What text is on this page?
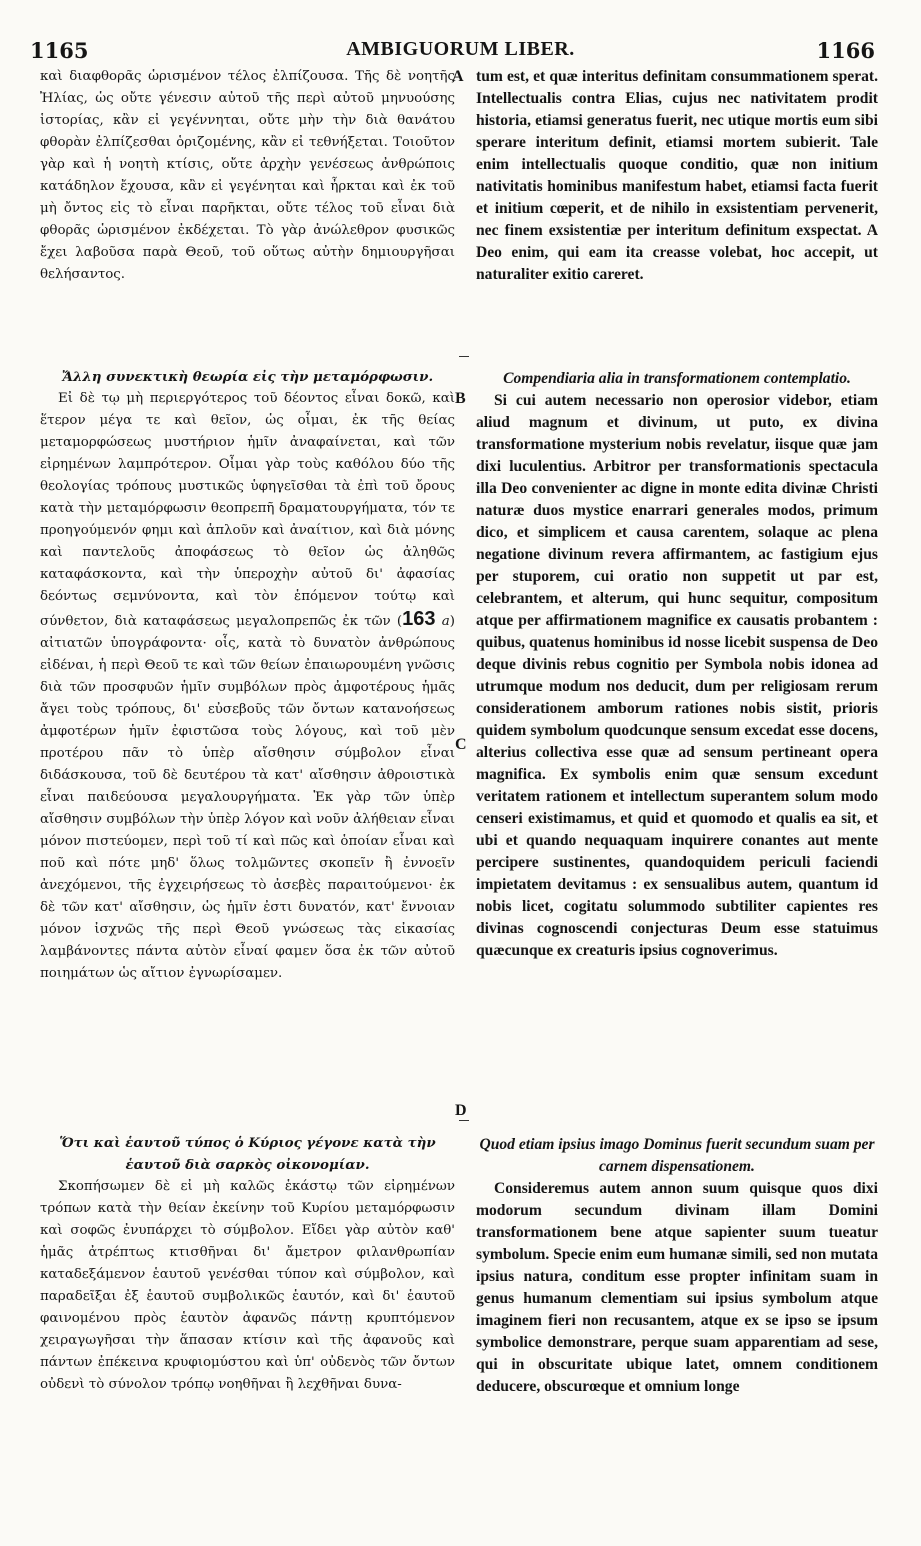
1165	AMBIGUORUM LIBER.	1166

καὶ διαφθορᾶς ὡρισμένον τέλος ἐλπίζουσα. Τῆς δὲ νοητῆς Ἠλίας, ὡς οὔτε γένεσιν αὐτοῦ τῆς περὶ αὐτοῦ μηνυούσης ἱστορίας, κἂν εἰ γεγέννηται, οὔτε μὴν τὴν διὰ θανάτου φθορὰν ἐλπίζεσθαι ὁριζομένης, κἂν εἰ τεθνήξεται. Τοιοῦτον γὰρ καὶ ἡ νοητὴ κτίσις, οὔτε ἀρχὴν γενέσεως ἀνθρώποις κατάδηλον ἔχουσα, κἂν εἰ γεγένηται καὶ ἦρκται καὶ ἐκ τοῦ μὴ ὄντος εἰς τὸ εἶναι παρῆκται, οὔτε τέλος τοῦ εἶναι διὰ φθορᾶς ὡρισμένον ἐκδέχεται. Τὸ γὰρ ἀνώλεθρον φυσικῶς ἔχει λαβοῦσα παρὰ Θεοῦ, τοῦ οὕτως αὐτὴν δημιουργῆσαι θελήσαντος.

Ἄλλη συνεκτικὴ θεωρία εἰς τὴν μεταμόρφωσιν.

Εἰ δὲ τῳ μὴ περιεργότερος τοῦ δέοντος εἶναι δοκῶ, καὶ ἕτερον μέγα τε καὶ θεῖον, ὡς οἶμαι, ἐκ τῆς θείας μεταμορφώσεως μυστήριον ἡμῖν ἀναφαίνεται, καὶ τῶν εἰρημένων λαμπρότερον. Οἶμαι γὰρ τοὺς καθόλου δύο τῆς θεολογίας τρόπους μυστικῶς ὑφηγεῖσθαι τὰ ἐπὶ τοῦ ὄρους κατὰ τὴν μεταμόρφωσιν θεοπρεπῆ δραματουργήματα, τόν τε προηγούμενόν φημι καὶ ἁπλοῦν καὶ ἀναίτιον, καὶ διὰ μόνης καὶ παντελοῦς ἀποφάσεως τὸ θεῖον ὡς ἀληθῶς καταφάσκοντα, καὶ τὴν ὑπεροχὴν αὐτοῦ δι' ἀφασίας δεόντως σεμνύνοντα, καὶ τὸν ἑπόμενον τούτῳ καὶ σύνθετον, διὰ καταφάσεως μεγαλοπρεπῶς ἐκ τῶν (163 a) αἰτιατῶν ὑπογράφοντα· οἷς, κατὰ τὸ δυνατὸν ἀνθρώπους εἰδέναι, ἡ περὶ Θεοῦ τε καὶ τῶν θείων ἐπαιωρουμένη γνῶσις διὰ τῶν προσφυῶν ἡμῖν συμβόλων πρὸς ἀμφοτέρους ἡμᾶς ἄγει τοὺς τρόπους, δι' εὐσεβοῦς τῶν ὄντων κατανοήσεως ἀμφοτέρων ἡμῖν ἐφιστῶσα τοὺς λόγους, καὶ τοῦ μὲν προτέρου πᾶν τὸ ὑπὲρ αἴσθησιν σύμβολον εἶναι διδάσκουσα, τοῦ δὲ δευτέρου τὰ κατ' αἴσθησιν ἀθροιστικὰ εἶναι παιδεύουσα μεγαλουργήματα. Ἐκ γὰρ τῶν ὑπὲρ αἴσθησιν συμβόλων τὴν ὑπὲρ λόγον καὶ νοῦν ἀλήθειαν εἶναι μόνον πιστεύομεν, περὶ τοῦ τί καὶ πῶς καὶ ὁποίαν εἶναι καὶ ποῦ καὶ πότε μηδ' ὅλως τολμῶντες σκοπεῖν ἢ ἐννοεῖν ἀνεχόμενοι, τῆς ἐγχειρήσεως τὸ ἀσεβὲς παραιτούμενοι· ἐκ δὲ τῶν κατ' αἴσθησιν, ὡς ἡμῖν ἐστι δυνατόν, κατ' ἔννοιαν μόνον ἰσχνῶς τῆς περὶ Θεοῦ γνώσεως τὰς εἰκασίας λαμβάνοντες πάντα αὐτὸν εἶναί φαμεν ὅσα ἐκ τῶν αὐτοῦ ποιημάτων ὡς αἴτιον ἐγνωρίσαμεν.

Ὅτι καὶ ἑαυτοῦ τύπος ὁ Κύριος γέγονε κατὰ τὴν ἑαυτοῦ διὰ σαρκὸς οἰκονομίαν.

Σκοπήσωμεν δὲ εἰ μὴ καλῶς ἑκάστῳ τῶν εἰρημένων τρόπων κατὰ τὴν θείαν ἐκείνην τοῦ Κυρίου μεταμόρφωσιν καὶ σοφῶς ἐνυπάρχει τὸ σύμβολον. Εἴδει γὰρ αὐτὸν καθ' ἡμᾶς ἀτρέπτως κτισθῆναι δι' ἄμετρον φιλανθρωπίαν καταδεξάμενον ἑαυτοῦ γενέσθαι τύπον καὶ σύμβολον, καὶ παραδεῖξαι ἐξ ἑαυτοῦ συμβολικῶς ἑαυτόν, καὶ δι' ἑαυτοῦ φαινομένου πρὸς ἑαυτὸν ἀφανῶς πάντῃ κρυπτόμενον χειραγωγῆσαι τὴν ἅπασαν κτίσιν καὶ τῆς ἀφανοῦς καὶ πάντων ἐπέκεινα κρυφιομύστου καὶ ὑπ' οὐδενὸς τῶν ὄντων οὐδενὶ τὸ σύνολον τρόπῳ νοηθῆναι ἢ λεχθῆναι δυνα-

tum est, et quæ interitus definitam consummationem sperat. Intellectualis contra Elias, cujus nec nativitatem prodit historia, etiamsi generatus fuerit, nec utique mortis eum sibi sperare interitum definit, etiamsi mortem subierit. Tale enim intellectualis quoque conditio, quæ non initium nativitatis hominibus manifestum habet, etiamsi facta fuerit et initium cœperit, et de nihilo in exsistentiam pervenerit, nec finem exsistentiæ per interitum definitum exspectat. A Deo enim, qui eam ita creasse volebat, hoc accepit, ut naturaliter exitio careret.

Compendiaria alia in transformationem contemplatio.

Si cui autem necessario non operosior videbor, etiam aliud magnum et divinum, ut puto, ex divina transformatione mysterium nobis revelatur, iisque quæ jam dixi luculentius. Arbitror per transformationis spectacula illa Deo convenienter ac digne in monte edita divinæ Christi naturæ duos mystice enarrari generales modos, primum dico, et simplicem et causa carentem, solaque ac plena negatione divinum revera affirmantem, ac fastigium ejus per stuporem, cui oratio non suppetit ut par est, celebrantem, et alterum, qui hunc sequitur, compositum atque per affirmationem magnifice ex causatis probantem : quibus, quatenus hominibus id nosse licebit suspensa de Deo deque divinis rebus cognitio per Symbola nobis idonea ad utrumque modum nos deducit, dum per religiosam rerum considerationem amborum rationes nobis sistit, prioris quidem symbolum quodcunque sensum excedat esse docens, alterius collectiva esse quæ ad sensum pertineant opera magnifica. Ex symbolis enim quæ sensum excedunt veritatem rationem et intellectum superantem solum modo censeri existimamus, et quid et quomodo et qualis ea sit, et ubi et quando nequaquam inquirere conantes aut mente percipere sustinentes, quandoquidem periculi faciendi impietatem devitamus : ex sensualibus autem, quantum id nobis licet, cogitatu solummodo subtiliter capientes res divinas cognoscendi conjecturas Deum esse statuimus quæcunque ex creaturis ipsius cognoverimus.

Quod etiam ipsius imago Dominus fuerit secundum suam per carnem dispensationem.

Consideremus autem annon suum quisque quos dixi modorum secundum divinam illam Domini transformationem bene atque sapienter suum tueatur symbolum. Specie enim eum humanæ simili, sed non mutata ipsius natura, conditum esse propter infinitam suam in genus humanum clementiam sui ipsius symbolum atque imaginem fieri non recusantem, atque ex se ipso se ipsum symbolice demonstrare, perque suam apparentiam ad sese, qui in obscuritate ubique latet, omnem conditionem deducere, obscurœque et omnium longe

A
B
C
D
